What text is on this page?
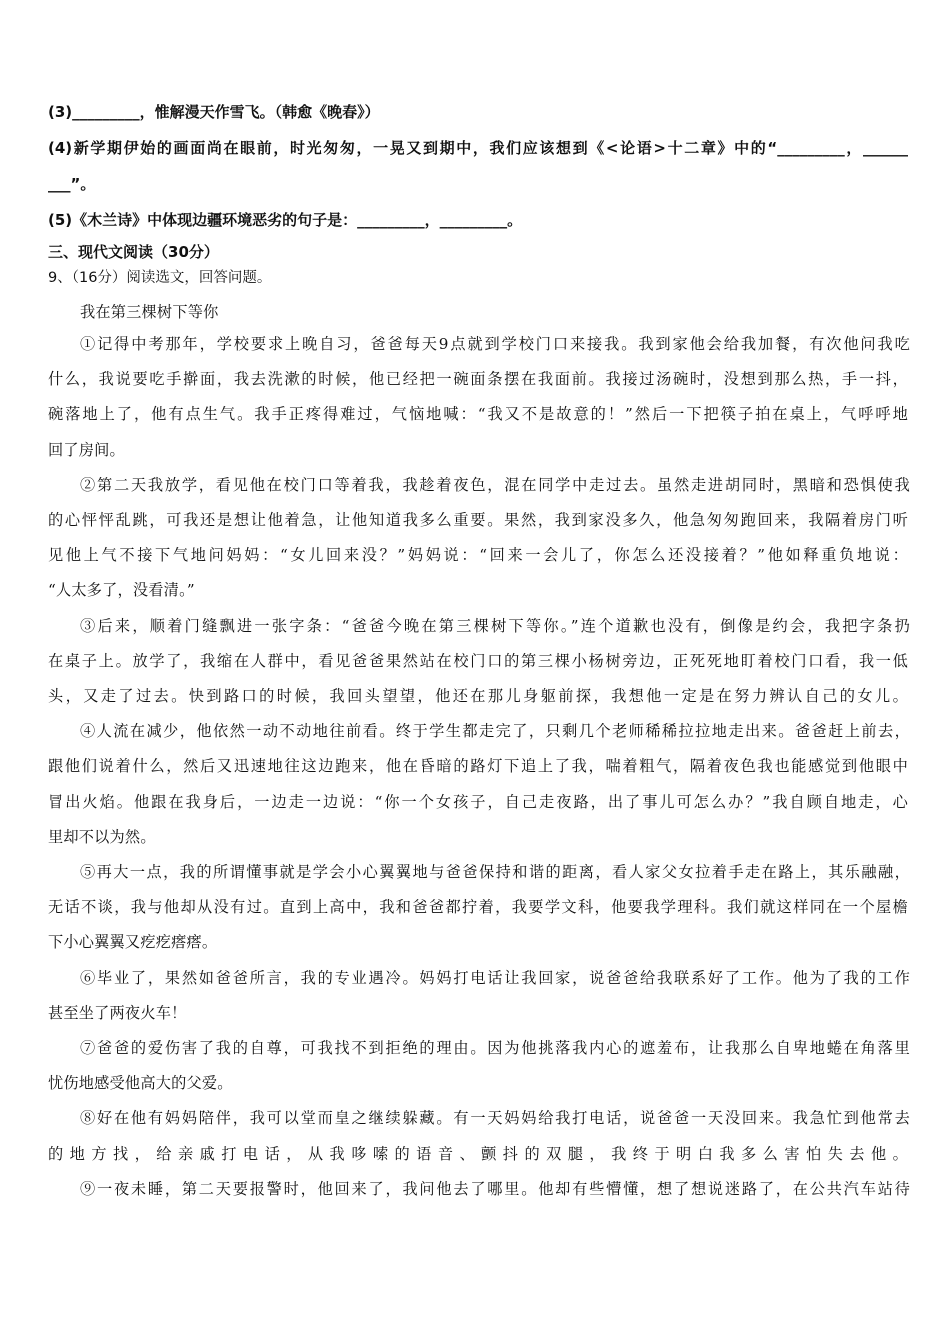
(3)_________，惟解漫天作雪飞。（韩愈《晚春》）
(4)新学期伊始的画面尚在眼前，时光匆匆，一晃又到期中，我们应该想到《<论语>十二章》中的“_________，______
___”。
(5)《木兰诗》中体现边疆环境恶劣的句子是：_________，_________。
三、现代文阅读（30分）
9、（16分）阅读选文，回答问题。
我在第三棵树下等你
①记得中考那年，学校要求上晚自习，爸爸每天9点就到学校门口来接我。我到家他会给我加餐，有次他问我吃
什么，我说要吃手擀面，我去洗漱的时候，他已经把一碗面条摆在我面前。我接过汤碗时，没想到那么热，手一抖，
碗落地上了，他有点生气。我手正疼得难过，气恼地喊：“我又不是故意的！”然后一下把筷子拍在桌上，气呼呼地
回了房间。
②第二天我放学，看见他在校门口等着我，我趁着夜色，混在同学中走过去。虽然走进胡同时，黑暗和恐惧使我
的心怦怦乱跳，可我还是想让他着急，让他知道我多么重要。果然，我到家没多久，他急匆匆跑回来，我隔着房门听
见他上气不接下气地问妈妈：“女儿回来没？”妈妈说：“回来一会儿了，你怎么还没接着？”他如释重负地说：
“人太多了，没看清。”
③后来，顺着门缝飘进一张字条：“爸爸今晚在第三棵树下等你。”连个道歉也没有，倒像是约会，我把字条扔
在桌子上。放学了，我缩在人群中，看见爸爸果然站在校门口的第三棵小杨树旁边，正死死地盯着校门口看，我一低
头，又走了过去。快到路口的时候，我回头望望，他还在那儿身躯前探，我想他一定是在努力辨认自己的女儿。
④人流在减少，他依然一动不动地往前看。终于学生都走完了，只剩几个老师稀稀拉拉地走出来。爸爸赶上前去，
跟他们说着什么，然后又迅速地往这边跑来，他在昏暗的路灯下追上了我，喘着粗气，隔着夜色我也能感觉到他眼中
冒出火焰。他跟在我身后，一边走一边说：“你一个女孩子，自己走夜路，出了事儿可怎么办？”我自顾自地走，心
里却不以为然。
⑤再大一点，我的所谓懂事就是学会小心翼翼地与爸爸保持和谐的距离，看人家父女拉着手走在路上，其乐融融，
无话不谈，我与他却从没有过。直到上高中，我和爸爸都拧着，我要学文科，他要我学理科。我们就这样同在一个屋檐
下小心翼翼又疙疙瘩瘩。
⑥毕业了，果然如爸爸所言，我的专业遇冷。妈妈打电话让我回家，说爸爸给我联系好了工作。他为了我的工作
甚至坐了两夜火车！
⑦爸爸的爱伤害了我的自尊，可我找不到拒绝的理由。因为他挑落我内心的遮羞布，让我那么自卑地蜷在角落里
忧伤地感受他高大的父爱。
⑧好在他有妈妈陪伴，我可以堂而皇之继续躲藏。有一天妈妈给我打电话，说爸爸一天没回来。我急忙到他常去
的地方找，给亲戚打电话，从我哆嗦的语音、颤抖的双腿，我终于明白我多么害怕失去他。
⑨一夜未睡，第二天要报警时，他回来了，我问他去了哪里。他却有些懵懂，想了想说迷路了，在公共汽车站待
